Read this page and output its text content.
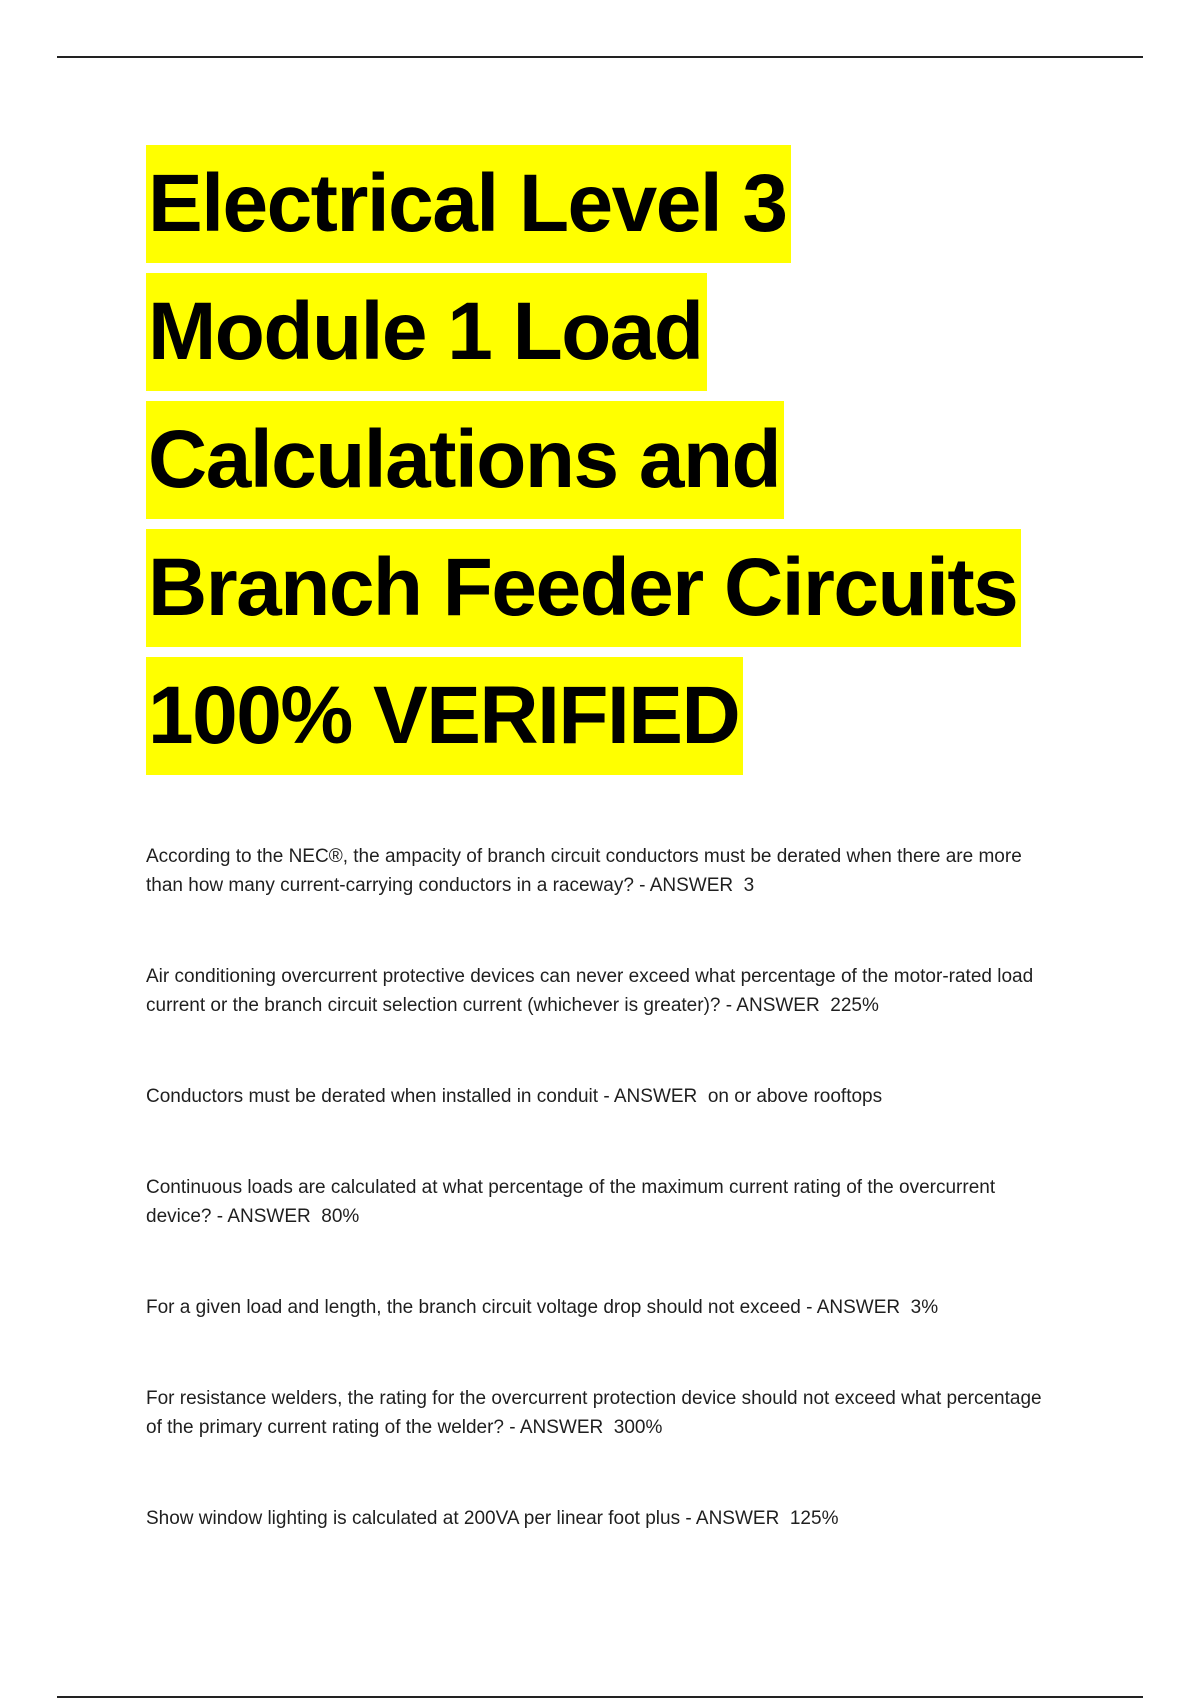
Electrical Level 3
Module 1 Load
Calculations and
Branch Feeder Circuits
100% VERIFIED

According to the NEC®, the ampacity of branch circuit conductors must be derated when there are more than how many current-carrying conductors in a raceway? - ANSWER  3

Air conditioning overcurrent protective devices can never exceed what percentage of the motor-rated load current or the branch circuit selection current (whichever is greater)? - ANSWER  225%

Conductors must be derated when installed in conduit - ANSWER  on or above rooftops

Continuous loads are calculated at what percentage of the maximum current rating of the overcurrent device? - ANSWER  80%

For a given load and length, the branch circuit voltage drop should not exceed - ANSWER  3%

For resistance welders, the rating for the overcurrent protection device should not exceed what percentage of the primary current rating of the welder? - ANSWER  300%

Show window lighting is calculated at 200VA per linear foot plus - ANSWER  125%
